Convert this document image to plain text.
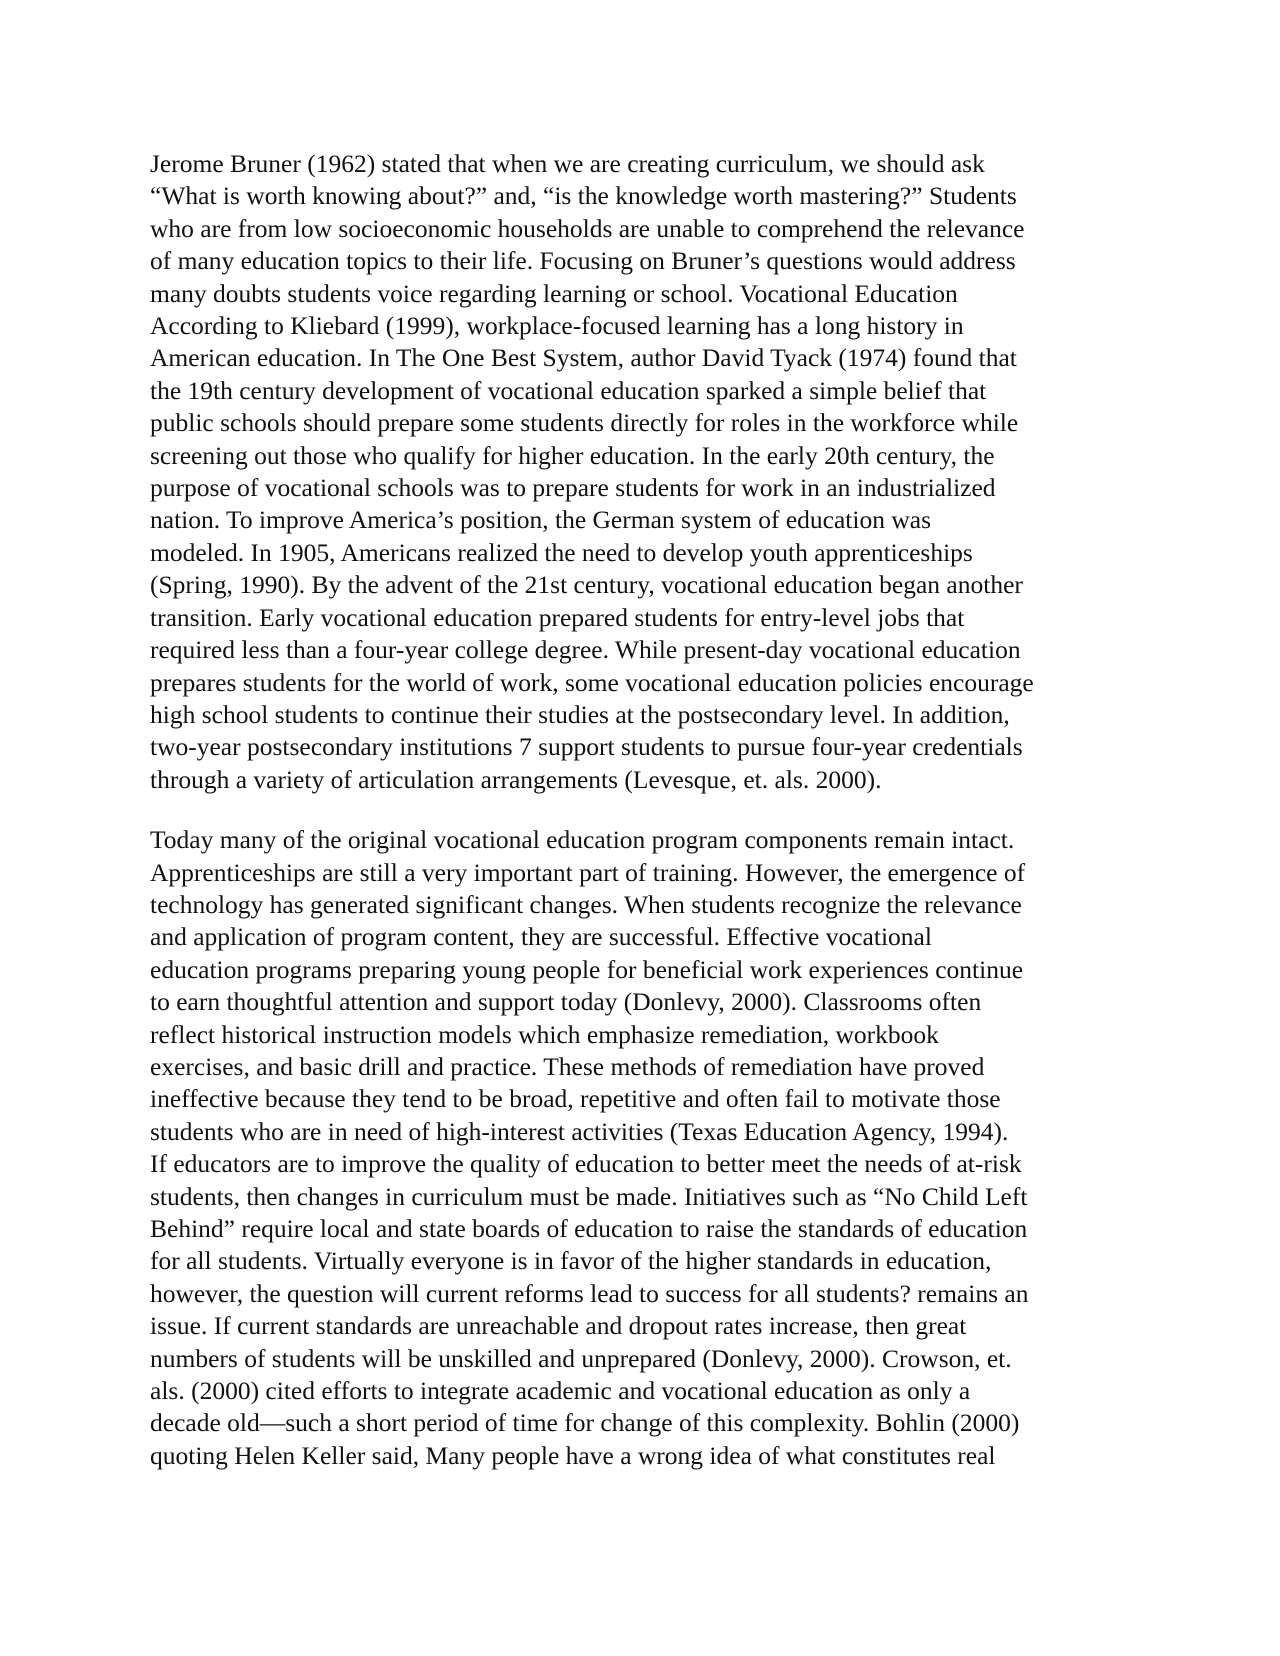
Jerome Bruner (1962) stated that when we are creating curriculum, we should ask
“What is worth knowing about?” and, “is the knowledge worth mastering?” Students
who are from low socioeconomic households are unable to comprehend the relevance
of many education topics to their life. Focusing on Bruner’s questions would address
many doubts students voice regarding learning or school. Vocational Education
According to Kliebard (1999), workplace-focused learning has a long history in
American education. In The One Best System, author David Tyack (1974) found that
the 19th century development of vocational education sparked a simple belief that
public schools should prepare some students directly for roles in the workforce while
screening out those who qualify for higher education. In the early 20th century, the
purpose of vocational schools was to prepare students for work in an industrialized
nation. To improve America’s position, the German system of education was
modeled. In 1905, Americans realized the need to develop youth apprenticeships
(Spring, 1990). By the advent of the 21st century, vocational education began another
transition. Early vocational education prepared students for entry-level jobs that
required less than a four-year college degree. While present-day vocational education
prepares students for the world of work, some vocational education policies encourage
high school students to continue their studies at the postsecondary level. In addition,
two-year postsecondary institutions 7 support students to pursue four-year credentials
through a variety of articulation arrangements (Levesque, et. als. 2000).

Today many of the original vocational education program components remain intact.
Apprenticeships are still a very important part of training. However, the emergence of
technology has generated significant changes. When students recognize the relevance
and application of program content, they are successful. Effective vocational
education programs preparing young people for beneficial work experiences continue
to earn thoughtful attention and support today (Donlevy, 2000). Classrooms often
reflect historical instruction models which emphasize remediation, workbook
exercises, and basic drill and practice. These methods of remediation have proved
ineffective because they tend to be broad, repetitive and often fail to motivate those
students who are in need of high-interest activities (Texas Education Agency, 1994).
If educators are to improve the quality of education to better meet the needs of at-risk
students, then changes in curriculum must be made. Initiatives such as “No Child Left
Behind” require local and state boards of education to raise the standards of education
for all students. Virtually everyone is in favor of the higher standards in education,
however, the question will current reforms lead to success for all students? remains an
issue. If current standards are unreachable and dropout rates increase, then great
numbers of students will be unskilled and unprepared (Donlevy, 2000). Crowson, et.
als. (2000) cited efforts to integrate academic and vocational education as only a
decade old—such a short period of time for change of this complexity. Bohlin (2000)
quoting Helen Keller said, Many people have a wrong idea of what constitutes real
